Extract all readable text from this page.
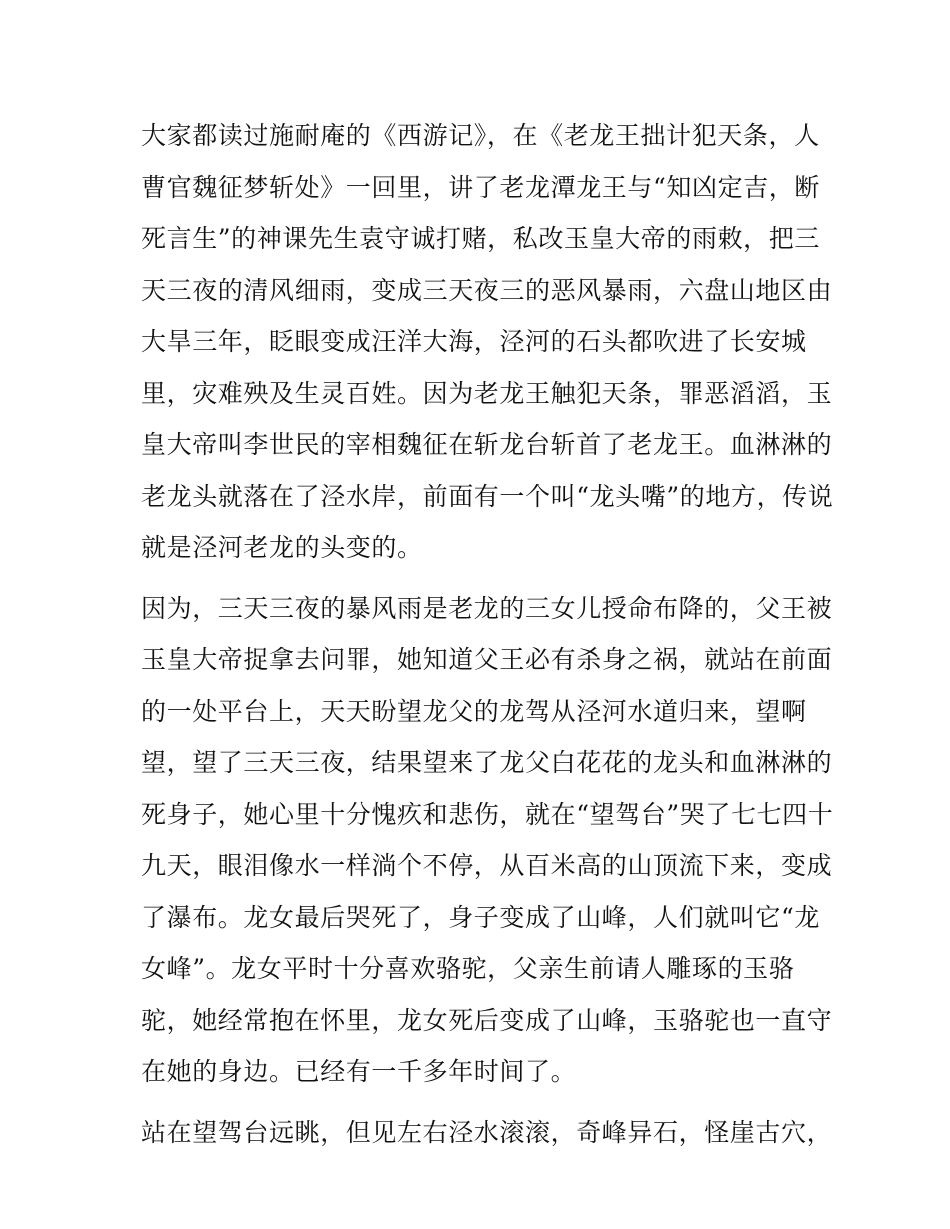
大家都读过施耐庵的《西游记》，在《老龙王拙计犯天条，人
曹官魏征梦斩处》一回里，讲了老龙潭龙王与“知凶定吉，断
死言生”的神课先生袁守诚打赌，私改玉皇大帝的雨敕，把三
天三夜的清风细雨，变成三天夜三的恶风暴雨，六盘山地区由
大旱三年，眨眼变成汪洋大海，泾河的石头都吹进了长安城
里，灾难殃及生灵百姓。因为老龙王触犯天条，罪恶滔滔，玉
皇大帝叫李世民的宰相魏征在斩龙台斩首了老龙王。血淋淋的
老龙头就落在了泾水岸，前面有一个叫“龙头嘴”的地方，传说
就是泾河老龙的头变的。
因为，三天三夜的暴风雨是老龙的三女儿授命布降的，父王被
玉皇大帝捉拿去问罪，她知道父王必有杀身之祸，就站在前面
的一处平台上，天天盼望龙父的龙驾从泾河水道归来，望啊
望，望了三天三夜，结果望来了龙父白花花的龙头和血淋淋的
死身子，她心里十分愧疚和悲伤，就在“望驾台”哭了七七四十
九天，眼泪像水一样淌个不停，从百米高的山顶流下来，变成
了瀑布。龙女最后哭死了，身子变成了山峰，人们就叫它“龙
女峰”。龙女平时十分喜欢骆驼，父亲生前请人雕琢的玉骆
驼，她经常抱在怀里，龙女死后变成了山峰，玉骆驼也一直守
在她的身边。已经有一千多年时间了。
站在望驾台远眺，但见左右泾水滚滚，奇峰异石，怪崖古穴，
